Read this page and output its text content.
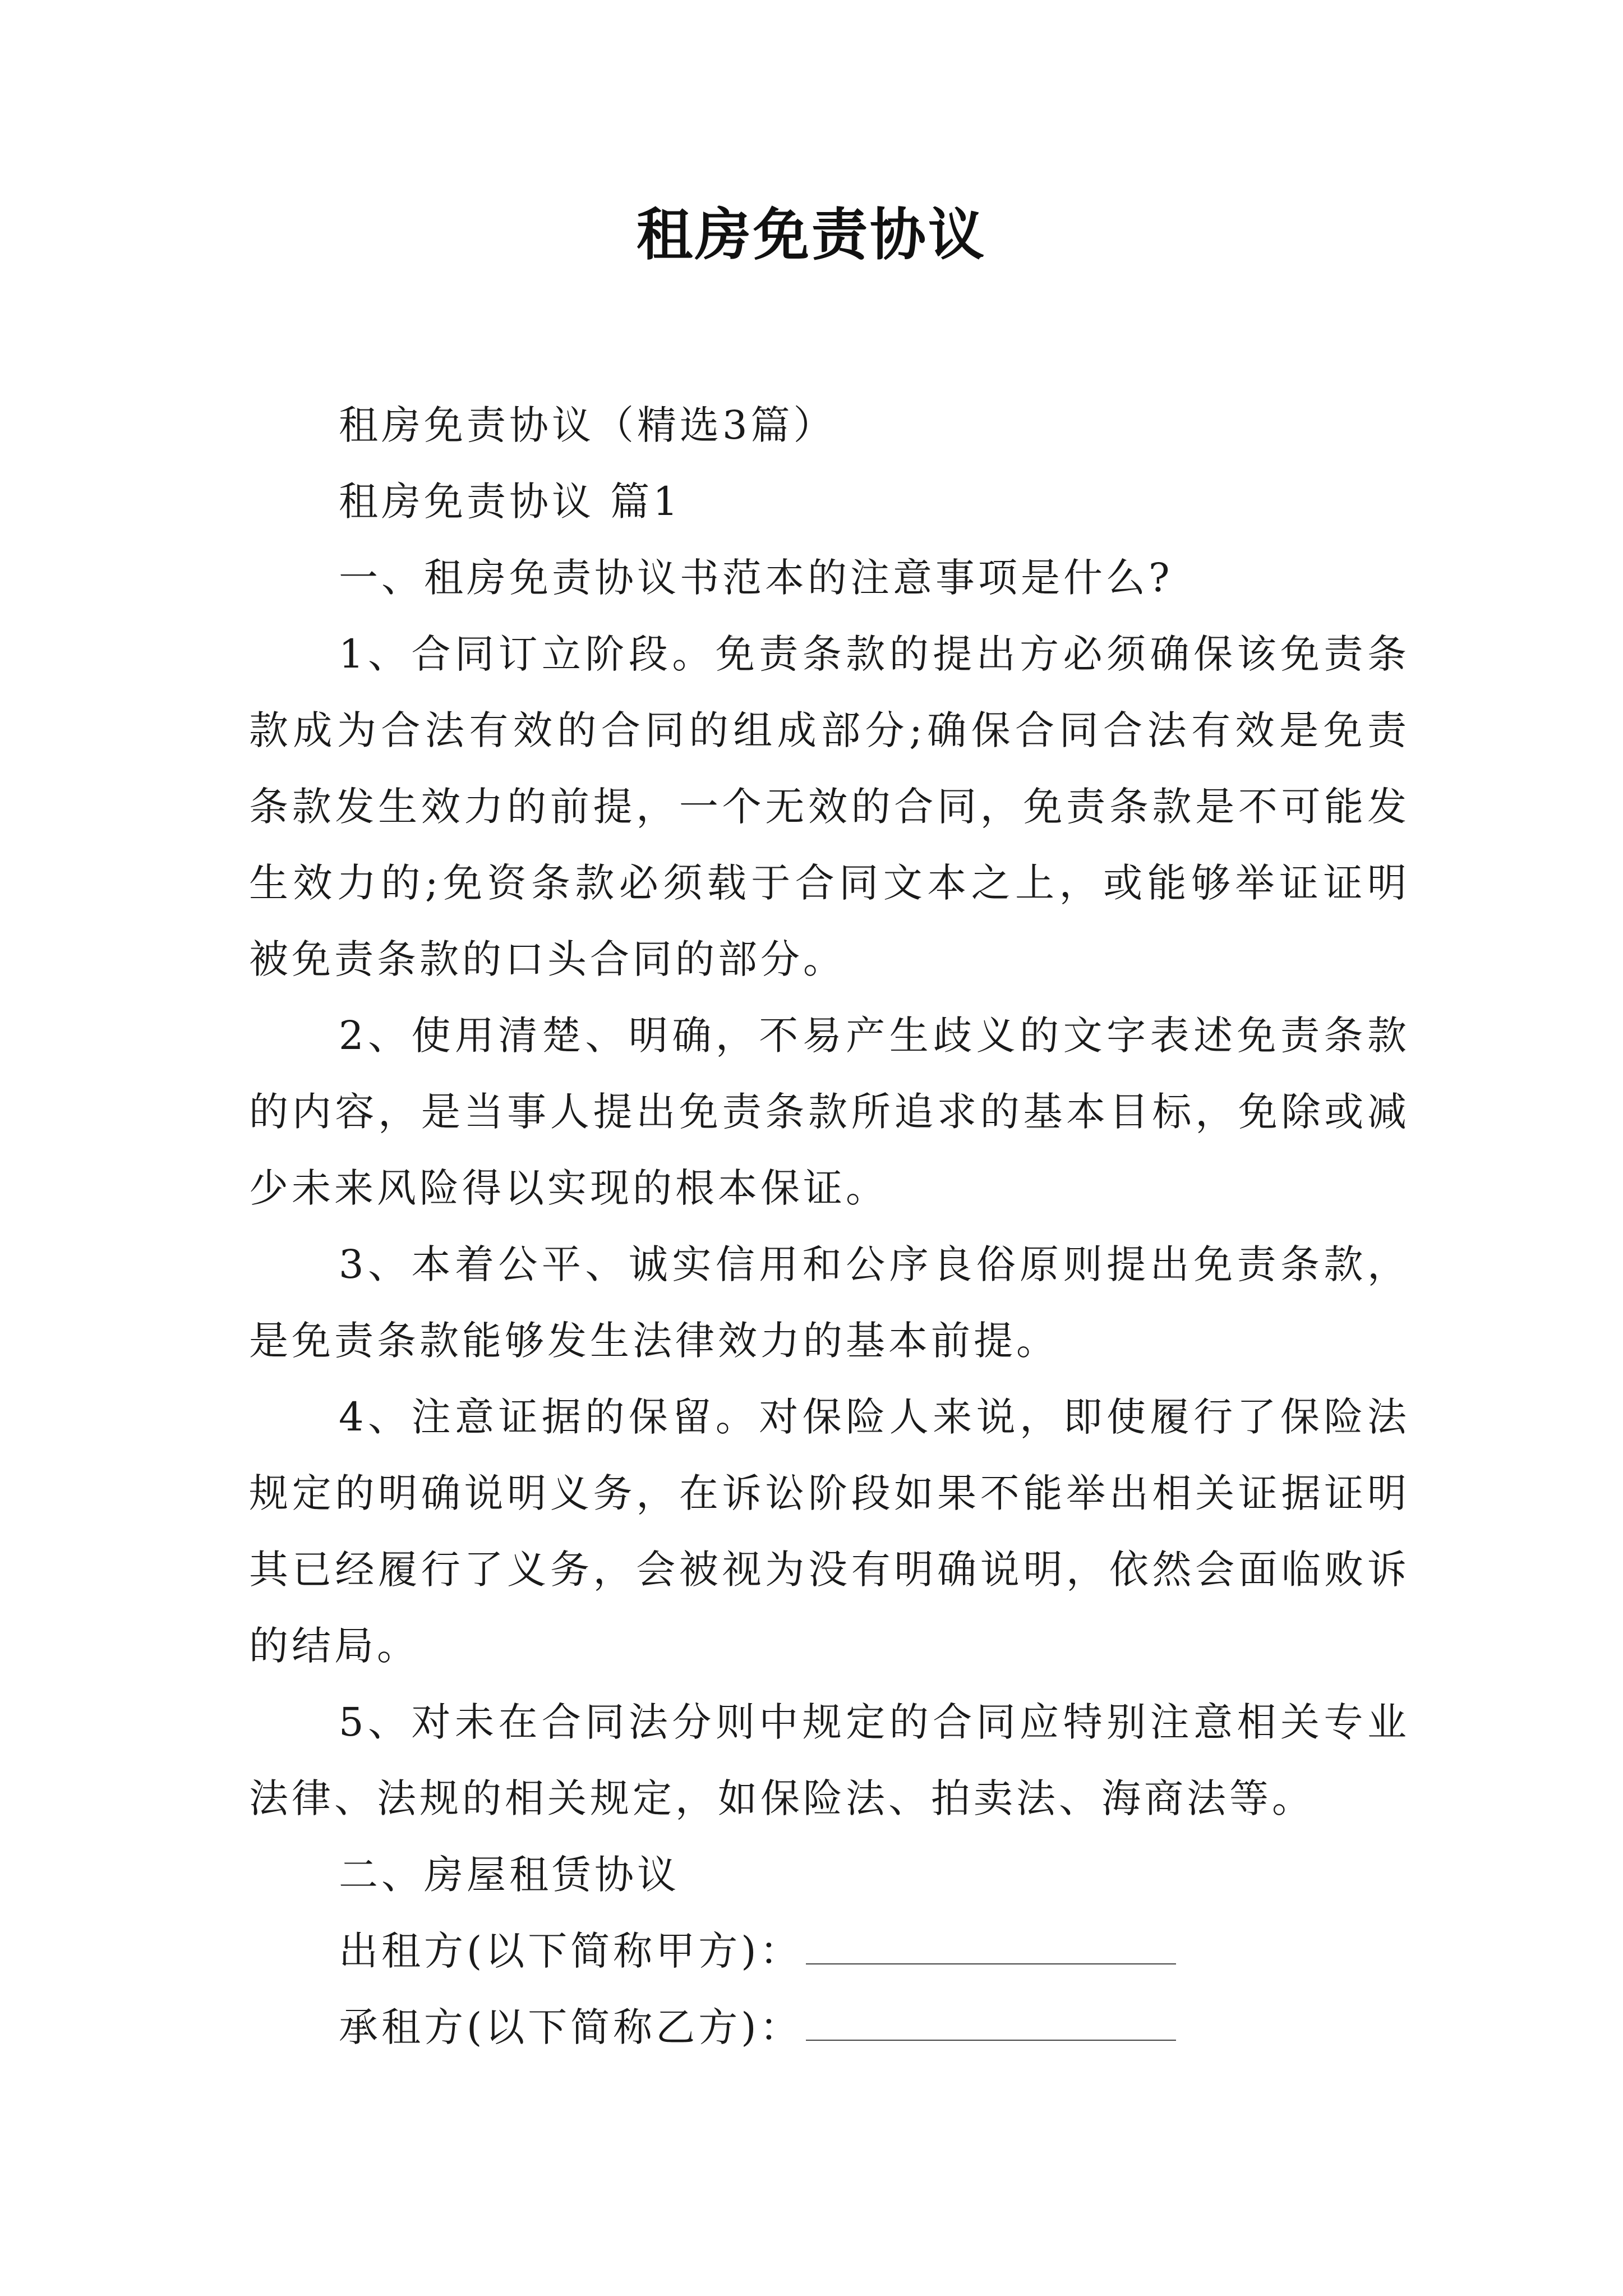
租房免责协议

租房免责协议（精选3篇）

租房免责协议 篇1

一、租房免责协议书范本的注意事项是什么?

1、合同订立阶段。免责条款的提出方必须确保该免责条款成为合法有效的合同的组成部分;确保合同合法有效是免责条款发生效力的前提，一个无效的合同，免责条款是不可能发生效力的;免资条款必须载于合同文本之上，或能够举证证明被免责条款的口头合同的部分。

2、使用清楚、明确，不易产生歧义的文字表述免责条款的内容，是当事人提出免责条款所追求的基本目标，免除或减少未来风险得以实现的根本保证。

3、本着公平、诚实信用和公序良俗原则提出免责条款，是免责条款能够发生法律效力的基本前提。

4、注意证据的保留。对保险人来说，即使履行了保险法规定的明确说明义务，在诉讼阶段如果不能举出相关证据证明其已经履行了义务，会被视为没有明确说明，依然会面临败诉的结局。

5、对未在合同法分则中规定的合同应特别注意相关专业法律、法规的相关规定，如保险法、拍卖法、海商法等。

二、房屋租赁协议

出租方(以下简称甲方)：

承租方(以下简称乙方)：
